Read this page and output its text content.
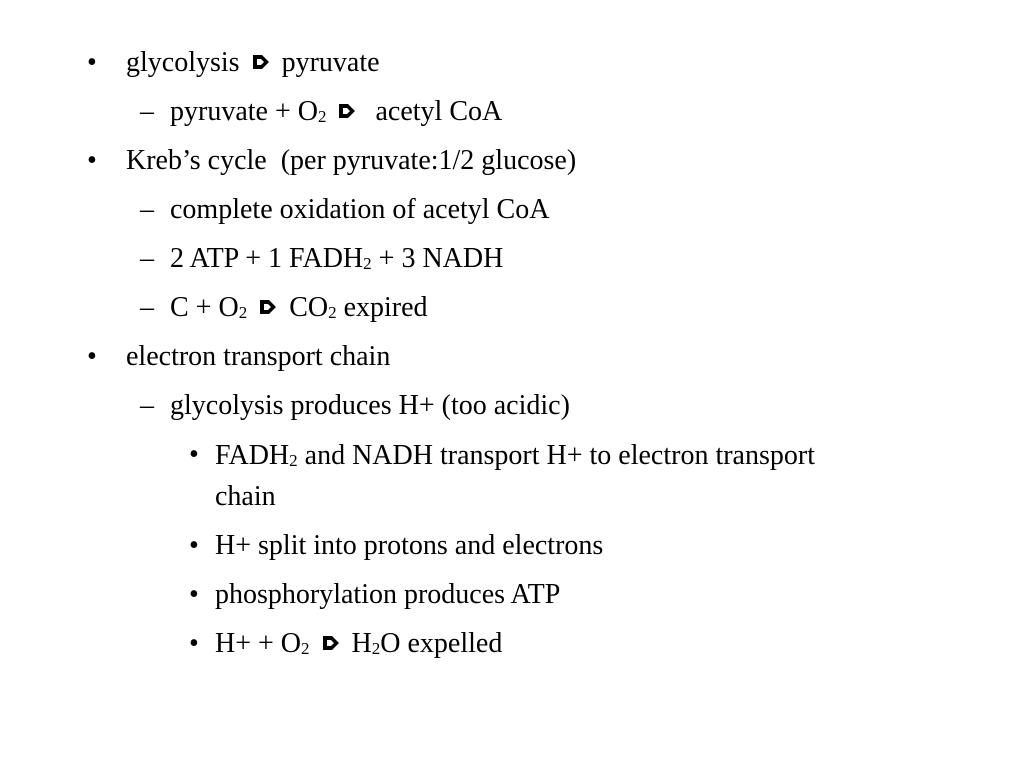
• glycolysis pyruvate
– pyruvate + $O_2$ acetyl CoA
• Kreb’s cycle  (per pyruvate:1/2 glucose)
– complete oxidation of acetyl CoA
– 2 ATP + 1 $FADH_2 + 3$ NADH
– $C + O_2$ $CO_2$ expired
• electron transport chain
– glycolysis produces H+ (too acidic)
• $FADH_2$ and NADH transport H+ to electron transport chain
• H+ split into protons and electrons
• phosphorylation produces ATP
• $H+ + O_2$ $H_2O$ expelled
